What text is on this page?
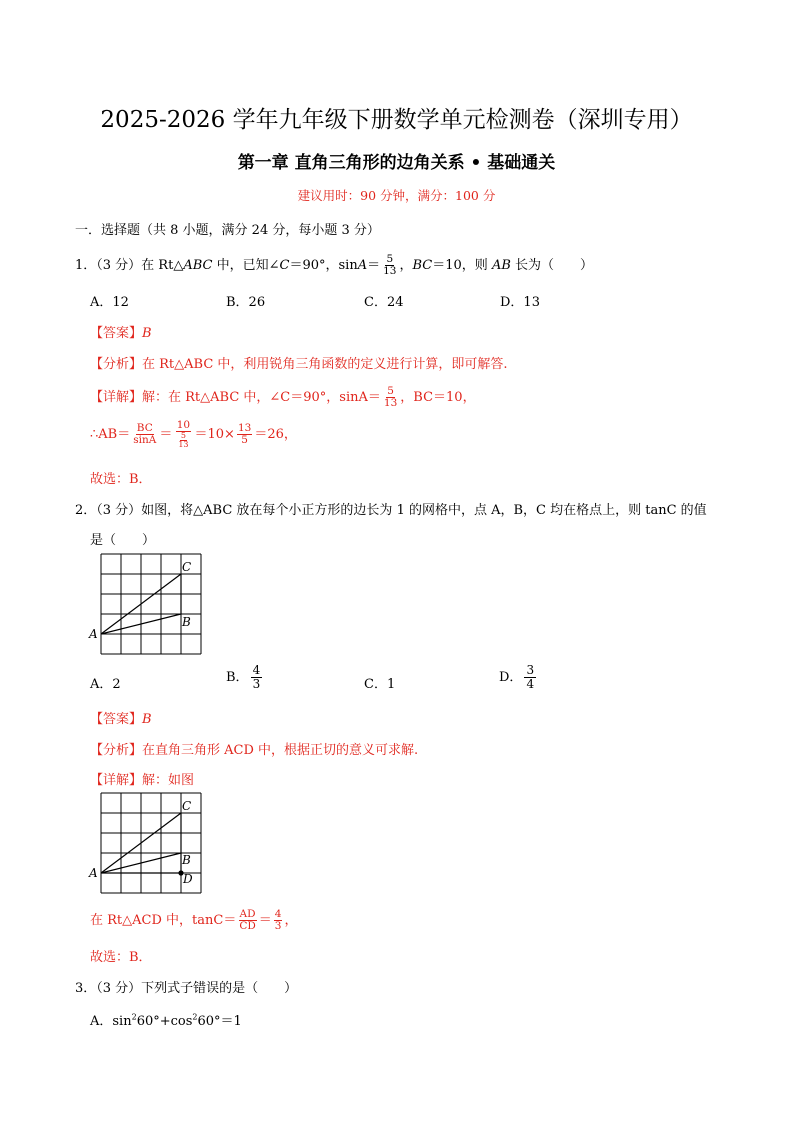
2025-2026 学年九年级下册数学单元检测卷（深圳专用）
第一章 直角三角形的边角关系 • 基础通关
建议用时：90 分钟，满分：100 分
一．选择题（共 8 小题，满分 24 分，每小题 3 分）
1．（3 分）在 Rt△ABC 中，已知∠C＝90°，$\sin A= \frac{5}{13}$ ，BC＝10，则 AB 长为（　　）
A．12	B．26	C．24	D．13
【答案】B
【分析】在 Rt△ABC 中，利用锐角三角函数的定义进行计算，即可解答.
【详解】解：在 Rt△ABC 中，∠C＝90°，$\sin A= \frac{5}{13}$ ，BC＝10，
∴AB＝ $\frac{BC}{\sin A} = \frac{10}{\frac{5}{13}} =10\times \frac{13}{5} =26$，
故选：B．
2．（3 分）如图，将△ABC 放在每个小正方形的边长为 1 的网格中，点 A，B，C 均在格点上，则 tanC 的值
是（　　）
A
C
B
A．2	B． $\frac{4}{3}$	C．1	D． $\frac{3}{4}$
【答案】B
【分析】在直角三角形 ACD 中，根据正切的意义可求解.
【详解】解：如图
A
C
B
D
在 Rt△ACD 中，$\tan C= \frac{AD}{CD} = \frac{4}{3}$ ，
故选：B．
3．（3 分）下列式子错误的是（　　）
A．$\sin^260^\circ+\cos^260^\circ=1$
